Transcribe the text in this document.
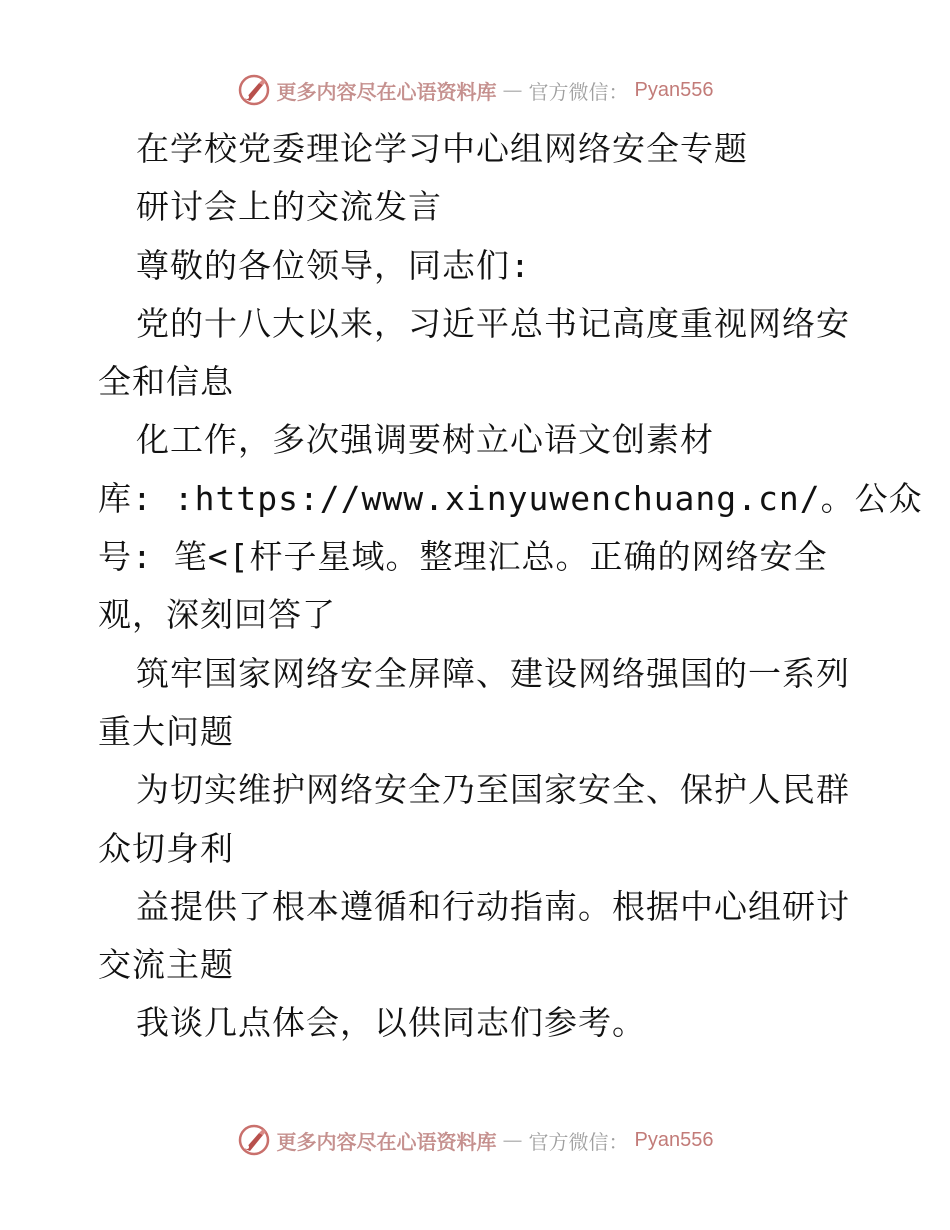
更多内容尽在心语资料库 — 官方微信： Pyan556
在学校党委理论学习中心组网络安全专题
研讨会上的交流发言
尊敬的各位领导，同志们:
党的十八大以来，习近平总书记高度重视网络安
全和信息
化工作，多次强调要树立心语文创素材
库: :https://www.xinyuwenchuang.cn/。公众
号: 笔<[杆子星域。整理汇总。正确的网络安全
观，深刻回答了
筑牢国家网络安全屏障、建设网络强国的一系列
重大问题
为切实维护网络安全乃至国家安全、保护人民群
众切身利
益提供了根本遵循和行动指南。根据中心组研讨
交流主题
我谈几点体会，以供同志们参考。
更多内容尽在心语资料库 — 官方微信： Pyan556
